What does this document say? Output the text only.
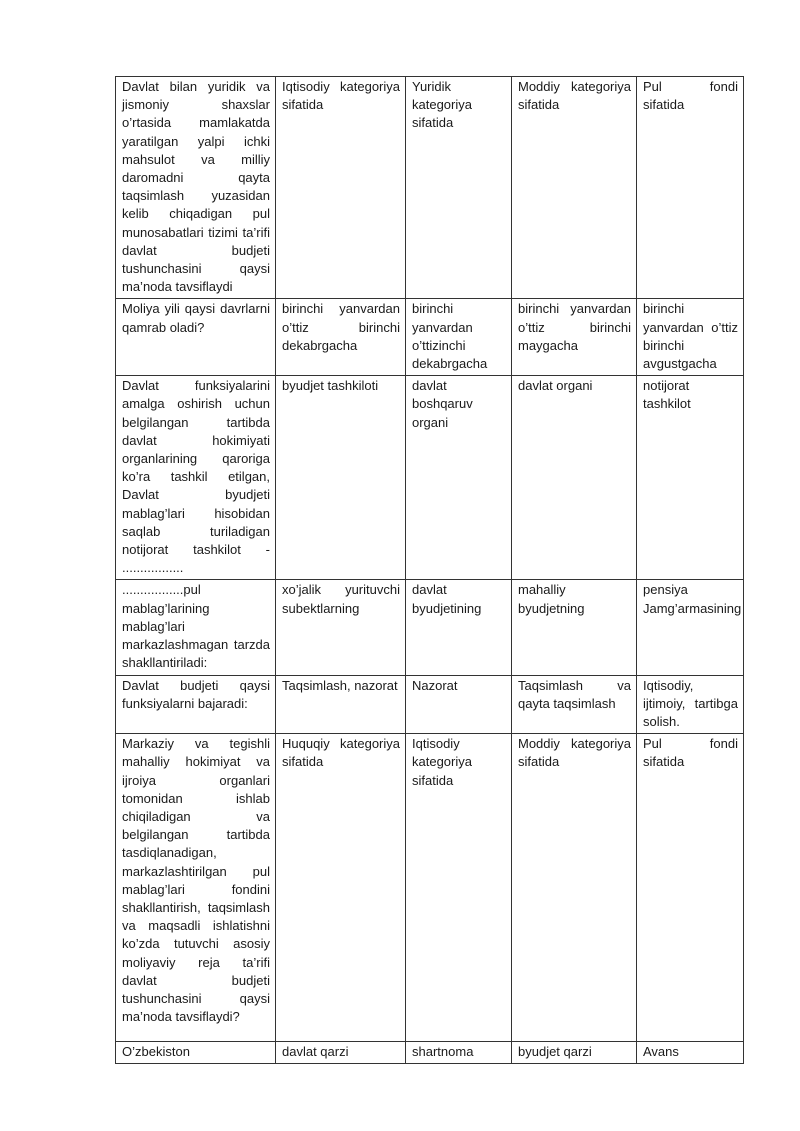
Davlat bilan yuridik va jismoniy shaxslar o’rtasida mamlakatda yaratilgan yalpi ichki mahsulot va milliy daromadni qayta taqsimlash yuzasidan kelib chiqadigan pul munosabatlari tizimi ta’rifi davlat budjeti tushunchasini qaysi ma’noda tavsiflaydi	Iqtisodiy kategoriya sifatida	Yuridik kategoriya sifatida	Moddiy kategoriya sifatida	Pul fondi sifatida
Moliya yili qaysi davrlarni qamrab oladi?	birinchi yanvardan o’ttiz birinchi dekabrgacha	birinchi yanvardan o’ttizinchi dekabrgacha	birinchi yanvardan o’ttiz birinchi maygacha	birinchi yanvardan o’ttiz birinchi avgustgacha
Davlat funksiyalarini amalga oshirish uchun belgilangan tartibda davlat hokimiyati organlarining qaroriga ko’ra tashkil etilgan, Davlat byudjeti mablag’lari hisobidan saqlab turiladigan notijorat tashkilot - .................	byudjet tashkiloti	davlat boshqaruv organi	davlat organi	notijorat tashkilot
.................pul mablag’larining mablag’lari markazlashmagan tarzda shakllantiriladi:	xo’jalik yurituvchi subektlarning	davlat byudjetining	mahalliy byudjetning	pensiya Jamg’armasining
Davlat budjeti qaysi funksiyalarni bajaradi:	Taqsimlash, nazorat	Nazorat	Taqsimlash va qayta taqsimlash	Iqtisodiy, ijtimoiy, tartibga solish.
Markaziy va tegishli mahalliy hokimiyat va ijroiya organlari tomonidan ishlab chiqiladigan va belgilangan tartibda tasdiqlanadigan, markazlashtirilgan pul mablag’lari fondini shakllantirish, taqsimlash va maqsadli ishlatishni ko’zda tutuvchi asosiy moliyaviy reja ta’rifi davlat budjeti tushunchasini qaysi ma’noda tavsiflaydi?	Huquqiy kategoriya sifatida	Iqtisodiy kategoriya sifatida	Moddiy kategoriya sifatida	Pul fondi sifatida
O’zbekiston	davlat qarzi	shartnoma	byudjet qarzi	Avans
